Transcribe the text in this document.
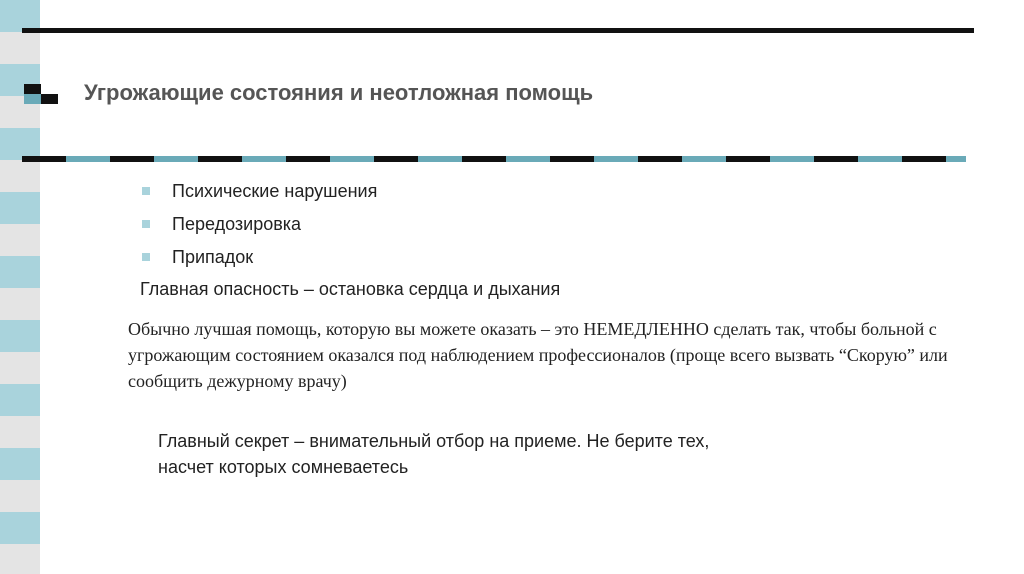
Угрожающие состояния и неотложная помощь
Психические нарушения
Передозировка
Припадок

Главная опасность – остановка сердца и дыхания

Обычно лучшая помощь, которую вы можете оказать – это НЕМЕДЛЕННО сделать так, чтобы больной с угрожающим состоянием оказался под наблюдением профессионалов (проще всего вызвать “Скорую” или сообщить дежурному врачу)

Главный секрет – внимательный отбор на приеме. Не берите тех,
насчет которых сомневаетесь
